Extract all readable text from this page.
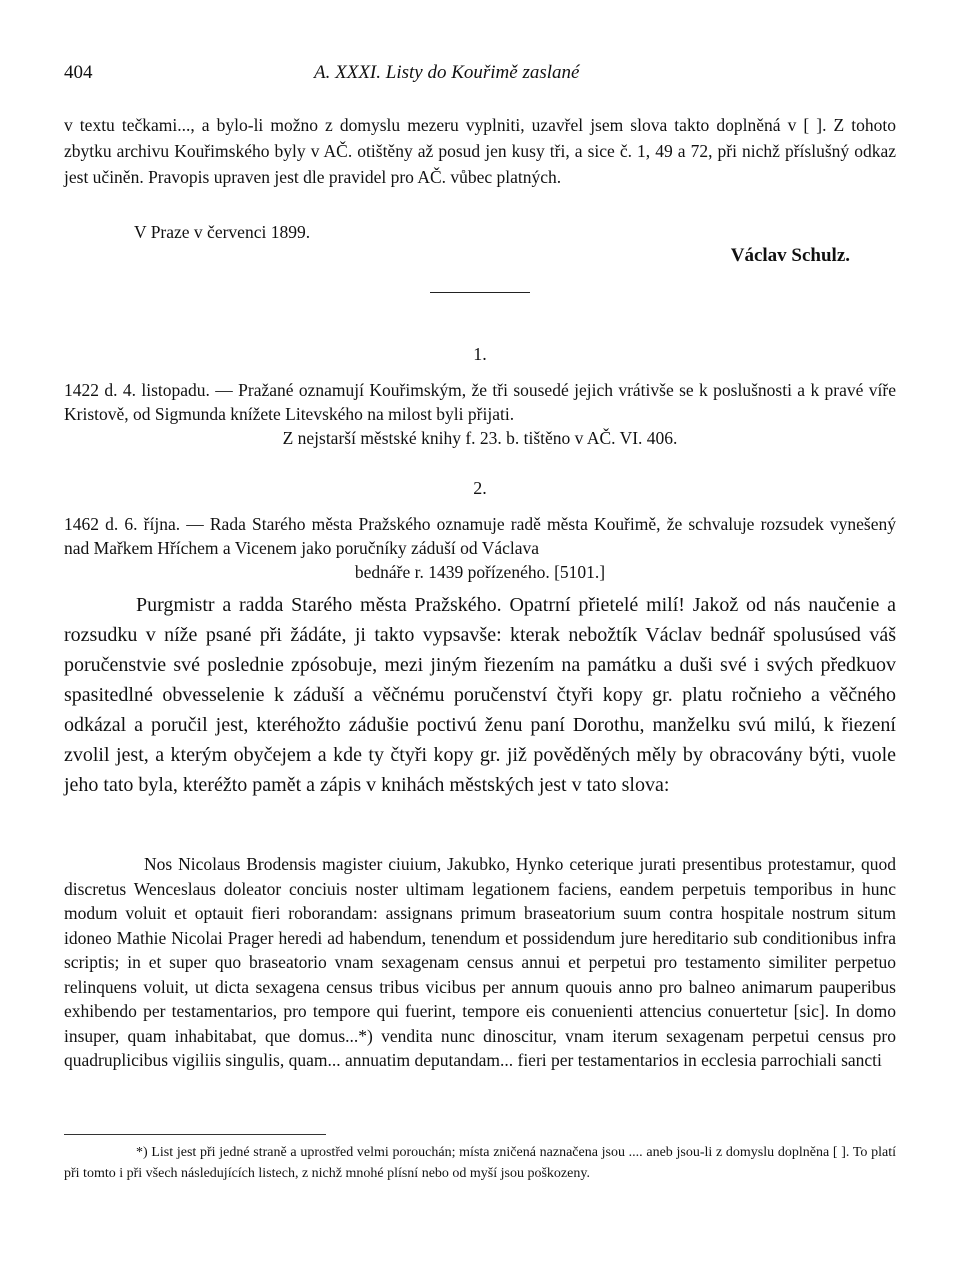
404	A. XXXI. Listy do Kouřimě zaslané

v textu tečkami..., a bylo-li možno z domyslu mezeru vyplniti, uzavřel jsem slova takto doplněná v [ ]. Z tohoto zbytku archivu Kouřimského byly v AČ. otištěny až posud jen kusy tři, a sice č. 1, 49 a 72, při nichž příslušný odkaz jest učiněn. Pravopis upraven jest dle pravidel pro AČ. vůbec platných.

V Praze v červenci 1899.
Václav Schulz.
1.

1422 d. 4. listopadu. — Pražané oznamují Kouřimským, že tři sousedé jejich vrátivše se k poslušnosti a k pravé víře Kristově, od Sigmunda knížete Litevského na milost byli přijati.

Z nejstarší městské knihy f. 23. b. tištěno v AČ. VI. 406.

2.

1462 d. 6. října. — Rada Starého města Pražského oznamuje radě města Kouřimě, že schvaluje rozsudek vynešený nad Mařkem Hříchem a Vicenem jako poručníky záduší od Václava

bednáře r. 1439 pořízeného. [5101.]

Purgmistr a radda Starého města Pražského. Opatrní přietelé milí! Jakož od nás naučenie a rozsudku v níže psané při žádáte, ji takto vypsavše: kterak nebožtík Václav bednář spolusúsed váš poručenstvie své poslednie zpósobuje, mezi jiným řiezením na památku a duši své i svých předkuov spasitedlné obvesselenie k záduší a věčnému poručenství čtyři kopy gr. platu ročnieho a věčného odkázal a poručil jest, kteréhožto zádušie poctivú ženu paní Dorothu, manželku svú milú, k řiezení zvolil jest, a kterým obyčejem a kde ty čtyři kopy gr. již pověděných měly by obracovány býti, vuole jeho tato byla, kteréžto pamět a zápis v knihách městských jest v tato slova:

Nos Nicolaus Brodensis magister ciuium, Jakubko, Hynko ceterique jurati presentibus protestamur, quod discretus Wenceslaus doleator conciuis noster ultimam legationem faciens, eandem perpetuis temporibus in hunc modum voluit et optauit fieri roborandam: assignans primum braseatorium suum contra hospitale nostrum situm idoneo Mathie Nicolai Prager heredi ad habendum, tenendum et possidendum jure hereditario sub conditionibus infra scriptis; in et super quo braseatorio vnam sexagenam census annui et perpetui pro testamento similiter perpetuo relinquens voluit, ut dicta sexagena census tribus vicibus per annum quouis anno pro balneo animarum pauperibus exhibendo per testamentarios, pro tempore qui fuerint, tempore eis conuenienti attencius conuertetur [sic]. In domo insuper, quam inhabitabat, que domus...*) vendita nunc dinoscitur, vnam iterum sexagenam perpetui census pro quadruplicibus vigiliis singulis, quam... annuatim deputandam... fieri per testamentarios in ecclesia parrochiali sancti

*) List jest při jedné straně a uprostřed velmi porouchán; místa zničená naznačena jsou .... aneb jsou-li z domyslu doplněna [ ]. To platí při tomto i při všech následujících listech, z nichž mnohé plísní nebo od myší jsou poškozeny.
